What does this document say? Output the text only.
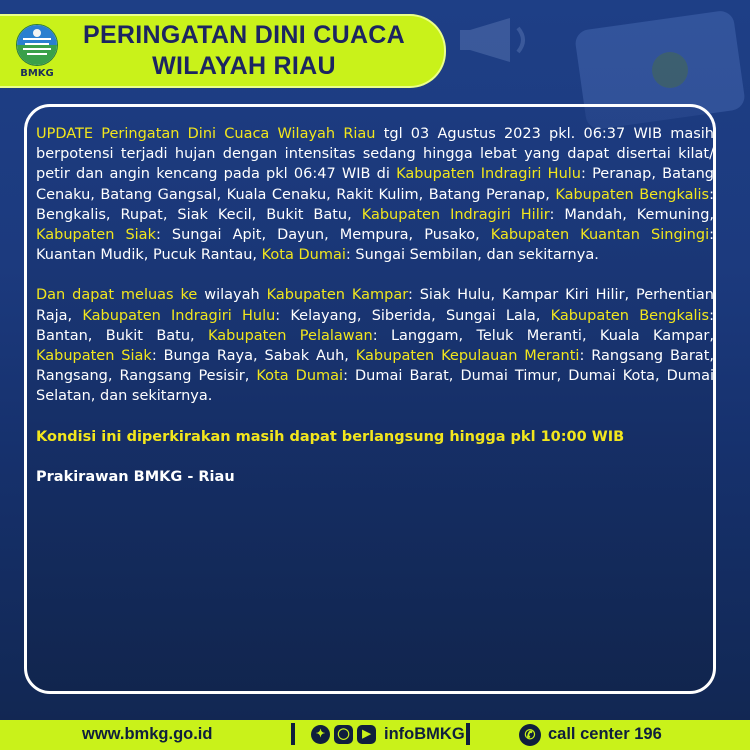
BMKG
PERINGATAN DINI CUACA
WILAYAH RIAU

UPDATE Peringatan Dini Cuaca Wilayah Riau tgl 03 Agustus 2023 pkl. 06:37 WIB masih berpotensi terjadi hujan dengan intensitas sedang hingga lebat yang dapat disertai kilat/ petir dan angin kencang pada pkl 06:47 WIB di Kabupaten Indragiri Hulu: Peranap, Batang Cenaku, Batang Gangsal, Kuala Cenaku, Rakit Kulim, Batang Peranap, Kabupaten Bengkalis: Bengkalis, Rupat, Siak Kecil, Bukit Batu, Kabupaten Indragiri Hilir: Mandah, Kemuning, Kabupaten Siak: Sungai Apit, Dayun, Mempura, Pusako, Kabupaten Kuantan Singingi: Kuantan Mudik, Pucuk Rantau, Kota Dumai: Sungai Sembilan, dan sekitarnya.

Dan dapat meluas ke wilayah Kabupaten Kampar: Siak Hulu, Kampar Kiri Hilir, Perhentian Raja, Kabupaten Indragiri Hulu: Kelayang, Siberida, Sungai Lala, Kabupaten Bengkalis: Bantan, Bukit Batu, Kabupaten Pelalawan: Langgam, Teluk Meranti, Kuala Kampar, Kabupaten Siak: Bunga Raya, Sabak Auh, Kabupaten Kepulauan Meranti: Rangsang Barat, Rangsang, Rangsang Pesisir, Kota Dumai: Dumai Barat, Dumai Timur, Dumai Kota, Dumai Selatan, dan sekitarnya.

Kondisi ini diperkirakan masih dapat berlangsung hingga pkl 10:00 WIB

Prakirawan BMKG - Riau

www.bmkg.go.id	✦	◯	▶ infoBMKG	✆ call center 196
